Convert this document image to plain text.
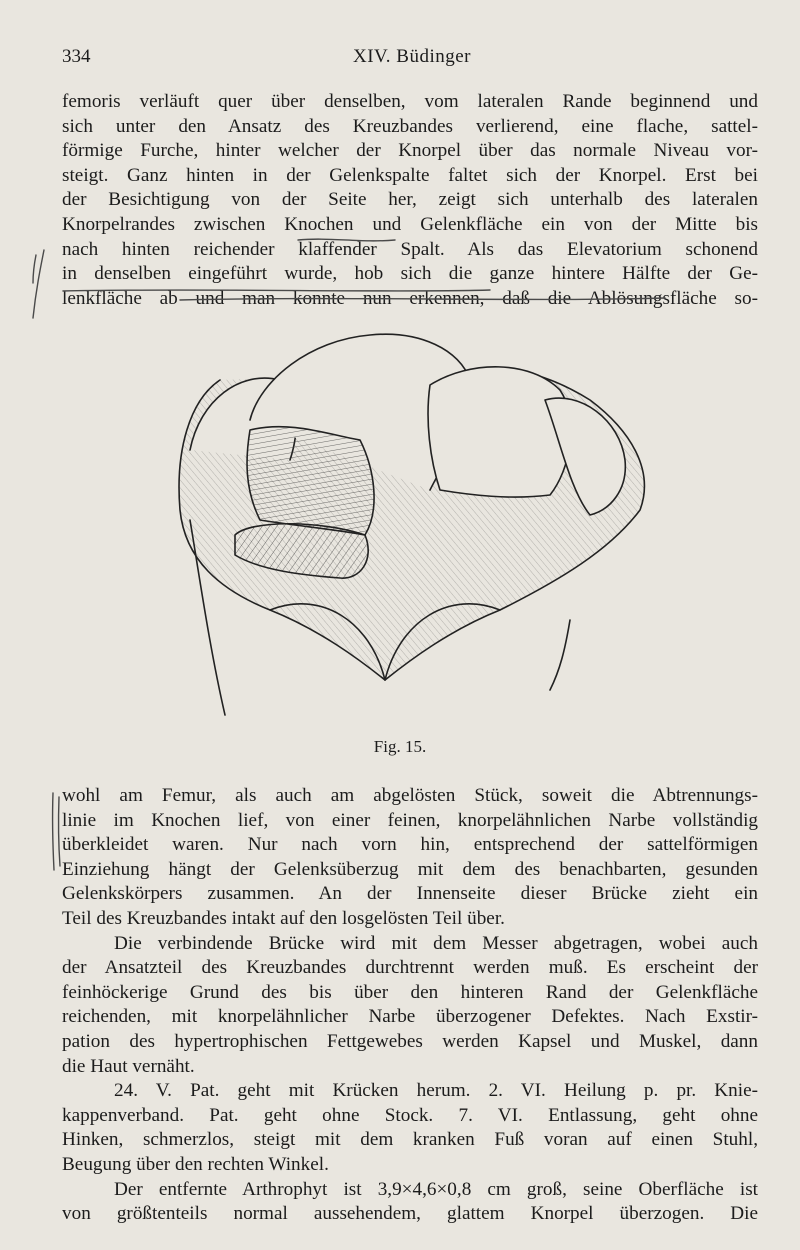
334	XIV. Büdinger
femoris verläuft quer über denselben, vom lateralen Rande beginnend und
sich unter den Ansatz des Kreuzbandes verlierend, eine flache, sattel-
förmige Furche, hinter welcher der Knorpel über das normale Niveau vor-
steigt. Ganz hinten in der Gelenkspalte faltet sich der Knorpel. Erst bei
der Besichtigung von der Seite her, zeigt sich unterhalb des lateralen
Knorpelrandes zwischen Knochen und Gelenkfläche ein von der Mitte bis
nach hinten reichender klaffender Spalt. Als das Elevatorium schonend
in denselben eingeführt wurde, hob sich die ganze hintere Hälfte der Ge-
lenkfläche ab und man konnte nun erkennen, daß die Ablösungsfläche so-
Fig. 15.
wohl am Femur, als auch am abgelösten Stück, soweit die Abtrennungs-
linie im Knochen lief, von einer feinen, knorpelähnlichen Narbe vollständig
überkleidet waren. Nur nach vorn hin, entsprechend der sattelförmigen
Einziehung hängt der Gelenksüberzug mit dem des benachbarten, gesunden
Gelenkskörpers zusammen. An der Innenseite dieser Brücke zieht ein
Teil des Kreuzbandes intakt auf den losgelösten Teil über.
Die verbindende Brücke wird mit dem Messer abgetragen, wobei auch
der Ansatzteil des Kreuzbandes durchtrennt werden muß. Es erscheint der
feinhöckerige Grund des bis über den hinteren Rand der Gelenkfläche
reichenden, mit knorpelähnlicher Narbe überzogener Defektes. Nach Exstir-
pation des hypertrophischen Fettgewebes werden Kapsel und Muskel, dann
die Haut vernäht.
24. V. Pat. geht mit Krücken herum. 2. VI. Heilung p. pr. Knie-
kappenverband. Pat. geht ohne Stock. 7. VI. Entlassung, geht ohne
Hinken, schmerzlos, steigt mit dem kranken Fuß voran auf einen Stuhl,
Beugung über den rechten Winkel.
Der entfernte Arthrophyt ist 3,9×4,6×0,8 cm groß, seine Oberfläche ist
von größtenteils normal aussehendem, glattem Knorpel überzogen. Die
